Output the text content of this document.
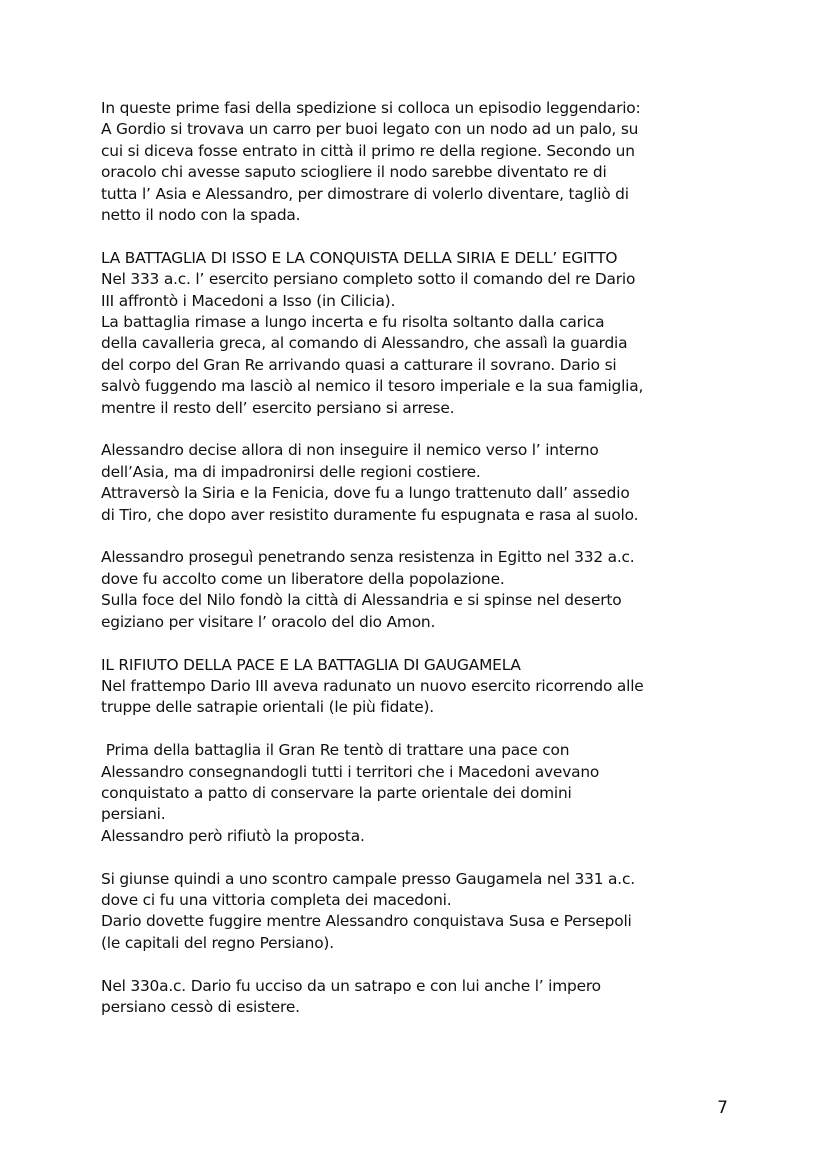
In queste prime fasi della spedizione si colloca un episodio leggendario:
A Gordio si trovava un carro per buoi legato con un nodo ad un palo, su
cui si diceva fosse entrato in città il primo re della regione. Secondo un
oracolo chi avesse saputo sciogliere il nodo sarebbe diventato re di
tutta l’ Asia e Alessandro, per dimostrare di volerlo diventare, tagliò di
netto il nodo con la spada.
LA BATTAGLIA DI ISSO E LA CONQUISTA DELLA SIRIA E DELL’ EGITTO
Nel 333 a.c. l’ esercito persiano completo sotto il comando del re Dario
III affrontò i Macedoni a Isso (in Cilicia).
La battaglia rimase a lungo incerta e fu risolta soltanto dalla carica
della cavalleria greca, al comando di Alessandro, che assalì la guardia
del corpo del Gran Re arrivando quasi a catturare il sovrano. Dario si
salvò fuggendo ma lasciò al nemico il tesoro imperiale e la sua famiglia,
mentre il resto dell’ esercito persiano si arrese.
Alessandro decise allora di non inseguire il nemico verso l’ interno
dell’Asia, ma di impadronirsi delle regioni costiere.
Attraversò la Siria e la Fenicia, dove fu a lungo trattenuto dall’ assedio
di Tiro, che dopo aver resistito duramente fu espugnata e rasa al suolo.
Alessandro proseguì penetrando senza resistenza in Egitto nel 332 a.c.
dove fu accolto come un liberatore della popolazione.
Sulla foce del Nilo fondò la città di Alessandria e si spinse nel deserto
egiziano per visitare l’ oracolo del dio Amon.
IL RIFIUTO DELLA PACE E LA BATTAGLIA DI GAUGAMELA
Nel frattempo Dario III aveva radunato un nuovo esercito ricorrendo alle
truppe delle satrapie orientali (le più fidate).
Prima della battaglia il Gran Re tentò di trattare una pace con
Alessandro consegnandogli tutti i territori che i Macedoni avevano
conquistato a patto di conservare la parte orientale dei domini
persiani.
Alessandro però rifiutò la proposta.
Si giunse quindi a uno scontro campale presso Gaugamela nel 331 a.c.
dove ci fu una vittoria completa dei macedoni.
Dario dovette fuggire mentre Alessandro conquistava Susa e Persepoli
(le capitali del regno Persiano).
Nel 330a.c. Dario fu ucciso da un satrapo e con lui anche l’ impero
persiano cessò di esistere.
7
